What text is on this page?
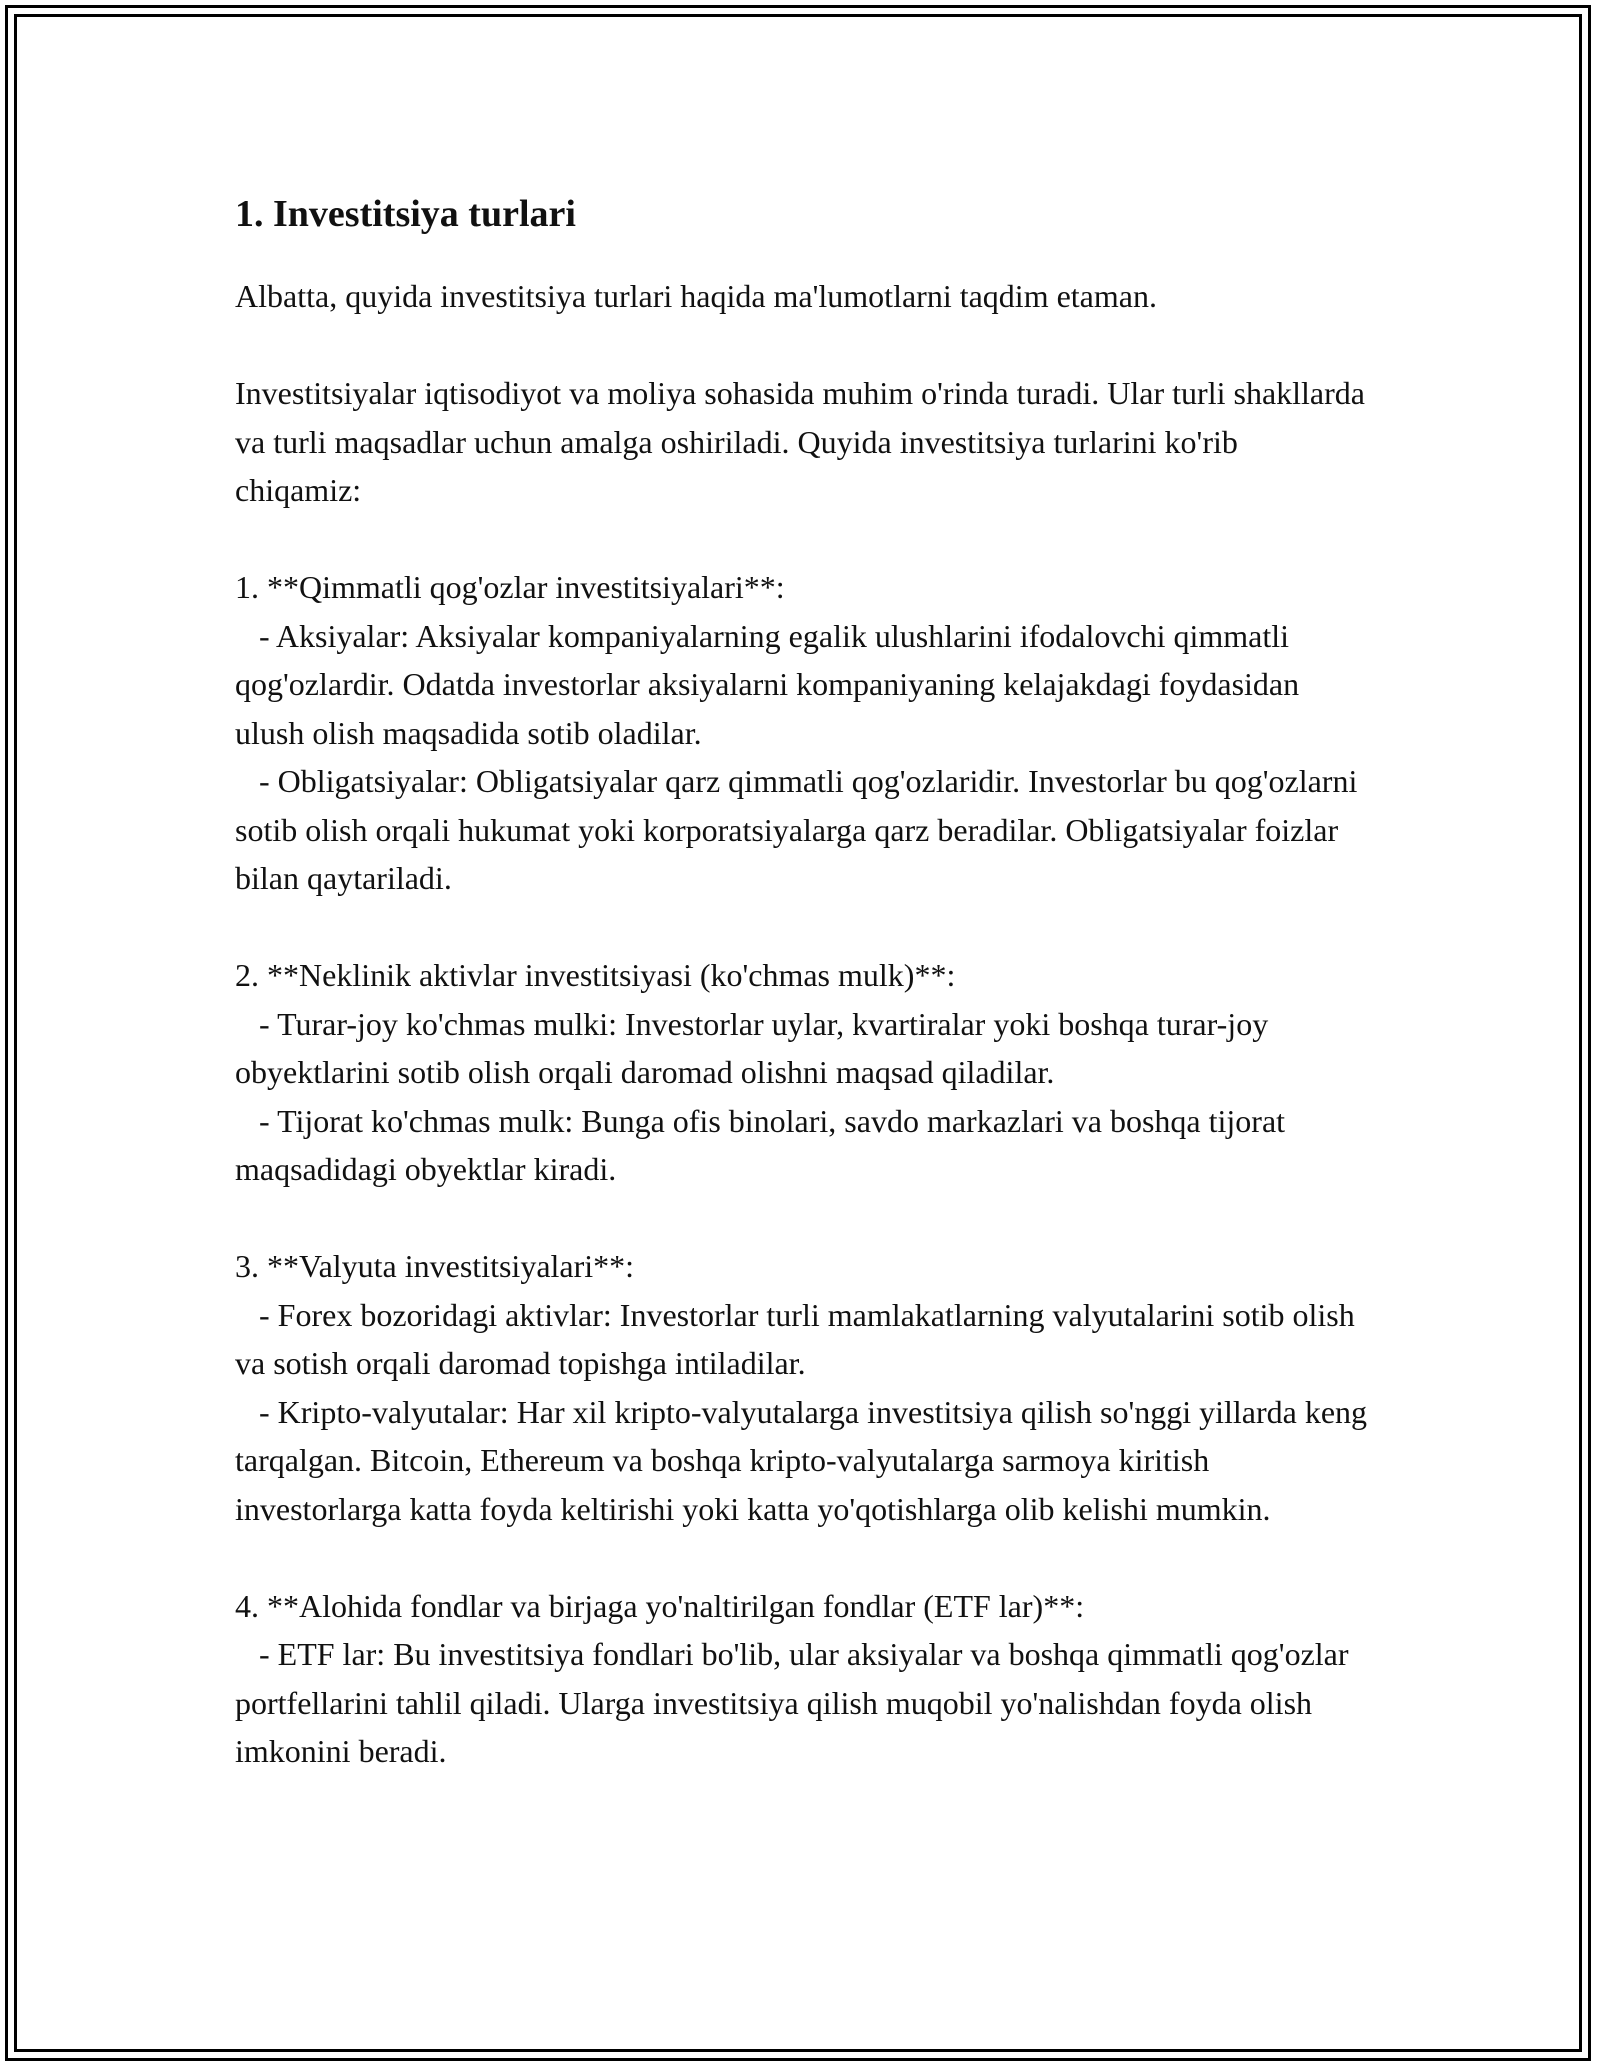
1. Investitsiya turlari

Albatta, quyida investitsiya turlari haqida ma'lumotlarni taqdim etaman.

Investitsiyalar iqtisodiyot va moliya sohasida muhim o'rinda turadi. Ular turli shakllarda va turli maqsadlar uchun amalga oshiriladi. Quyida investitsiya turlarini ko'rib chiqamiz:

1. **Qimmatli qog'ozlar investitsiyalari**:

- Aksiyalar: Aksiyalar kompaniyalarning egalik ulushlarini ifodalovchi qimmatli qog'ozlardir. Odatda investorlar aksiyalarni kompaniyaning kelajakdagi foydasidan ulush olish maqsadida sotib oladilar.

- Obligatsiyalar: Obligatsiyalar qarz qimmatli qog'ozlaridir. Investorlar bu qog'ozlarni sotib olish orqali hukumat yoki korporatsiyalarga qarz beradilar. Obligatsiyalar foizlar bilan qaytariladi.

2. **Neklinik aktivlar investitsiyasi (ko'chmas mulk)**:

- Turar-joy ko'chmas mulki: Investorlar uylar, kvartiralar yoki boshqa turar-joy obyektlarini sotib olish orqali daromad olishni maqsad qiladilar.

- Tijorat ko'chmas mulk: Bunga ofis binolari, savdo markazlari va boshqa tijorat maqsadidagi obyektlar kiradi.

3. **Valyuta investitsiyalari**:

- Forex bozoridagi aktivlar: Investorlar turli mamlakatlarning valyutalarini sotib olish va sotish orqali daromad topishga intiladilar.

- Kripto-valyutalar: Har xil kripto-valyutalarga investitsiya qilish so'nggi yillarda keng tarqalgan. Bitcoin, Ethereum va boshqa kripto-valyutalarga sarmoya kiritish investorlarga katta foyda keltirishi yoki katta yo'qotishlarga olib kelishi mumkin.

4. **Alohida fondlar va birjaga yo'naltirilgan fondlar (ETF lar)**:

- ETF lar: Bu investitsiya fondlari bo'lib, ular aksiyalar va boshqa qimmatli qog'ozlar portfellarini tahlil qiladi. Ularga investitsiya qilish muqobil yo'nalishdan foyda olish imkonini beradi.
